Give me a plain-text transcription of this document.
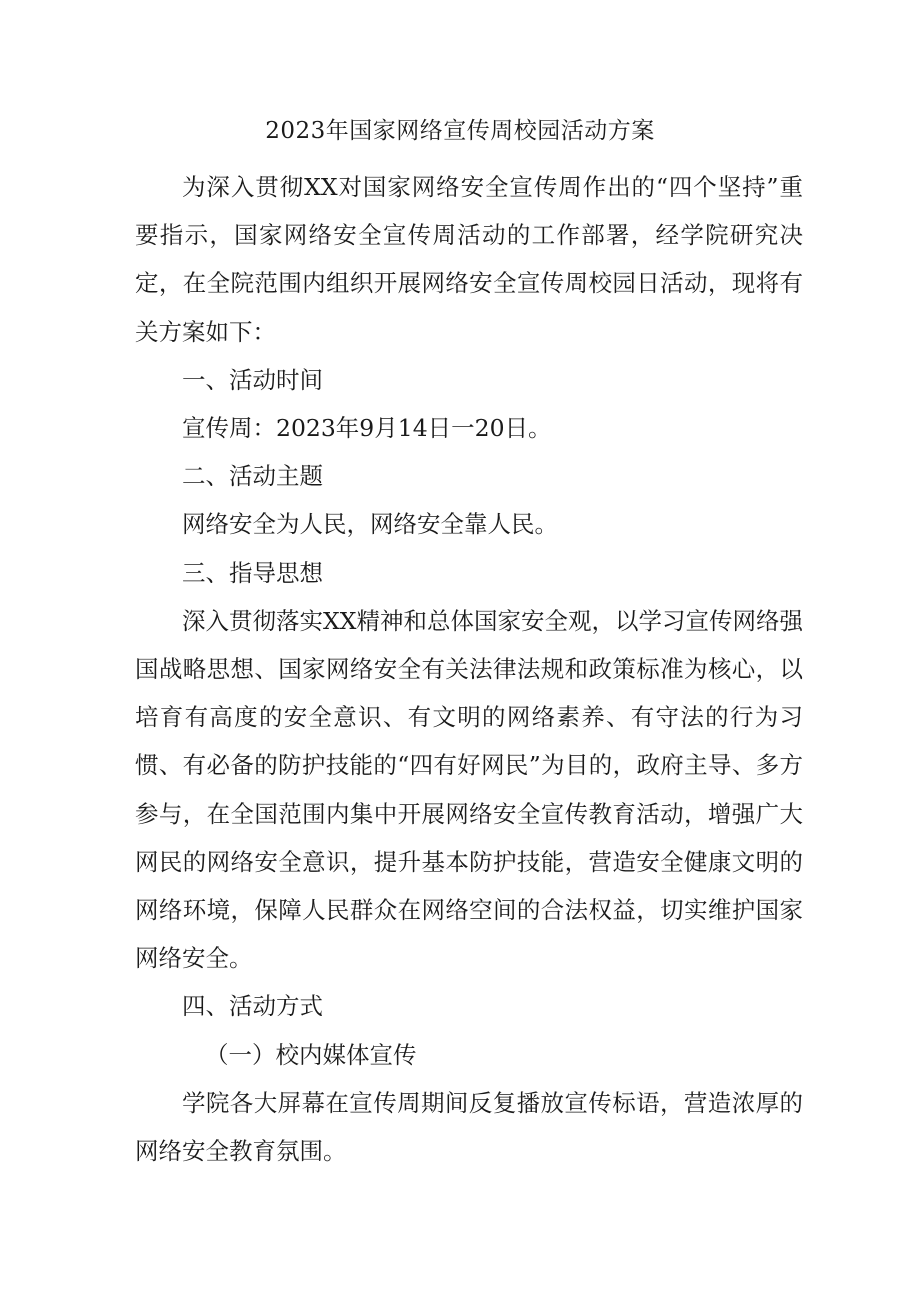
2023年国家网络宣传周校园活动方案

为深入贯彻XX对国家网络安全宣传周作出的“四个坚持”重要指示，国家网络安全宣传周活动的工作部署，经学院研究决定，在全院范围内组织开展网络安全宣传周校园日活动，现将有关方案如下：

一、活动时间

宣传周：2023年9月14日一20日。

二、活动主题

网络安全为人民，网络安全靠人民。

三、指导思想

深入贯彻落实XX精神和总体国家安全观，以学习宣传网络强国战略思想、国家网络安全有关法律法规和政策标准为核心，以培育有高度的安全意识、有文明的网络素养、有守法的行为习惯、有必备的防护技能的“四有好网民”为目的，政府主导、多方参与，在全国范围内集中开展网络安全宣传教育活动，增强广大网民的网络安全意识，提升基本防护技能，营造安全健康文明的网络环境，保障人民群众在网络空间的合法权益，切实维护国家网络安全。

四、活动方式

（一）校内媒体宣传

学院各大屏幕在宣传周期间反复播放宣传标语，营造浓厚的网络安全教育氛围。
